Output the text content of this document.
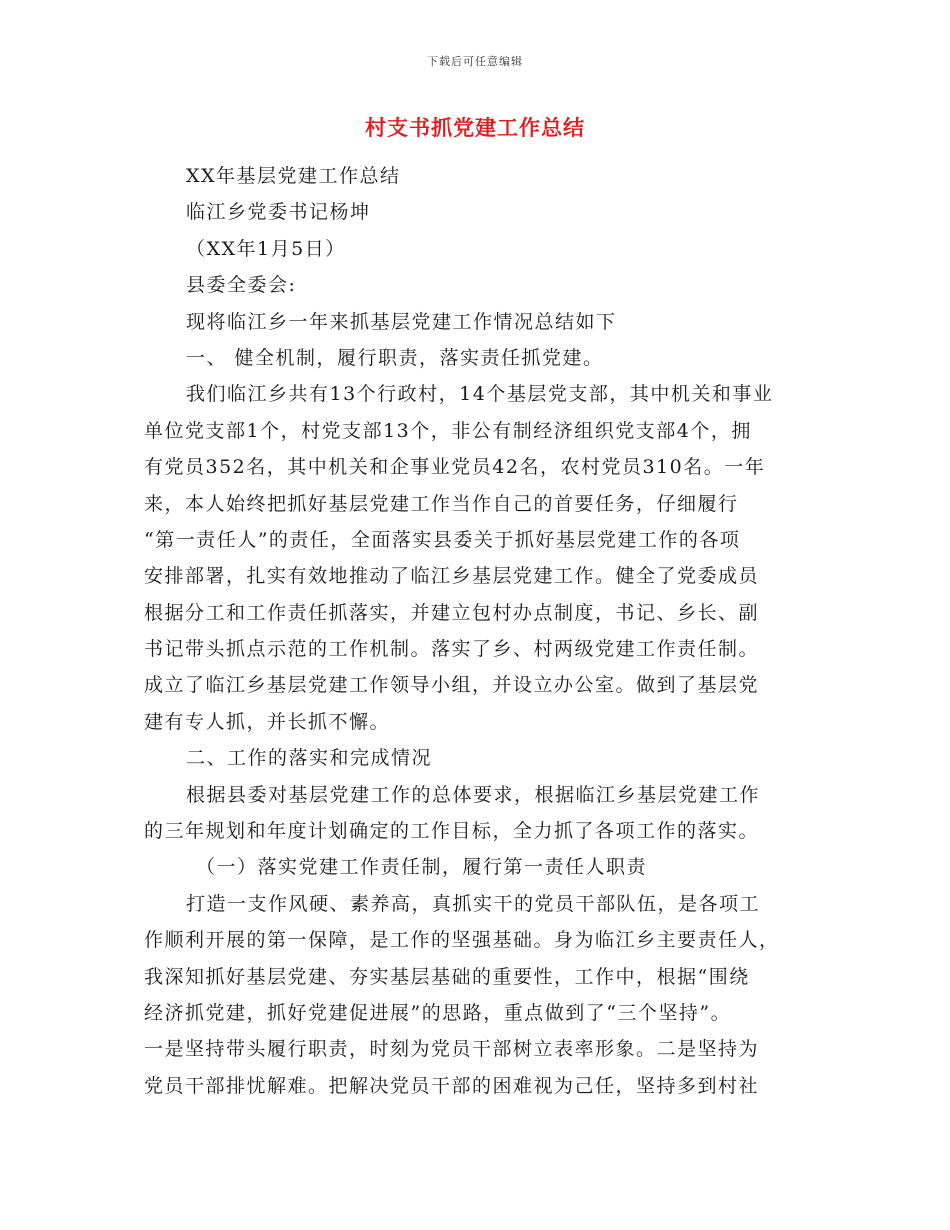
下载后可任意编辑
村支书抓党建工作总结
XX年基层党建工作总结
临江乡党委书记杨坤
（XX年1月5日）
县委全委会:
现将临江乡一年来抓基层党建工作情况总结如下
一、 健全机制，履行职责，落实责任抓党建。
我们临江乡共有13个行政村，14个基层党支部，其中机关和事业
单位党支部1个，村党支部13个，非公有制经济组织党支部4个，拥
有党员352名，其中机关和企事业党员42名，农村党员310名。一年
来，本人始终把抓好基层党建工作当作自己的首要任务，仔细履行
“第一责任人”的责任，全面落实县委关于抓好基层党建工作的各项
安排部署，扎实有效地推动了临江乡基层党建工作。健全了党委成员
根据分工和工作责任抓落实，并建立包村办点制度，书记、乡长、副
书记带头抓点示范的工作机制。落实了乡、村两级党建工作责任制。
成立了临江乡基层党建工作领导小组，并设立办公室。做到了基层党
建有专人抓，并长抓不懈。
二、工作的落实和完成情况
根据县委对基层党建工作的总体要求，根据临江乡基层党建工作
的三年规划和年度计划确定的工作目标，全力抓了各项工作的落实。
（一）落实党建工作责任制，履行第一责任人职责
打造一支作风硬、素养高，真抓实干的党员干部队伍，是各项工
作顺利开展的第一保障，是工作的坚强基础。身为临江乡主要责任人，
我深知抓好基层党建、夯实基层基础的重要性，工作中，根据“围绕
经济抓党建，抓好党建促进展”的思路，重点做到了“三个坚持”。
一是坚持带头履行职责，时刻为党员干部树立表率形象。二是坚持为
党员干部排忧解难。把解决党员干部的困难视为己任，坚持多到村社
